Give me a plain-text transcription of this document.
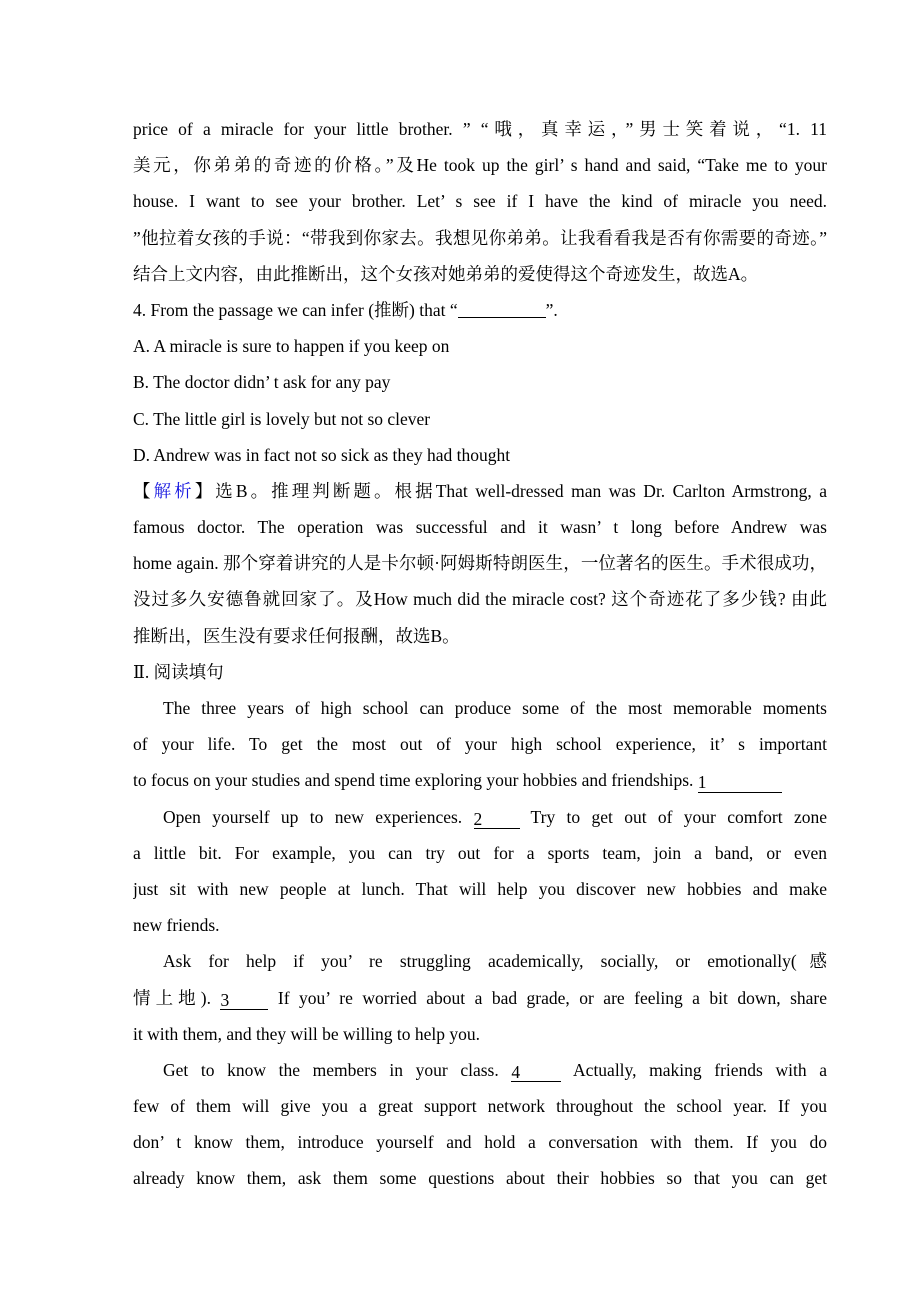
price of a miracle for your little brother. ” “哦，真幸运，”男士笑着说，“1. 11
美元，你弟弟的奇迹的价格。”及He took up the girl’ s hand and said, “Take me to your
house. I want to see your brother. Let’ s see if I have the kind of miracle you need.
”他拉着女孩的手说：“带我到你家去。我想见你弟弟。让我看看我是否有你需要的奇迹。”
结合上文内容，由此推断出，这个女孩对她弟弟的爱使得这个奇迹发生，故选A。
4. From the passage we can infer (推断) that “	”.
A. A miracle is sure to happen if you keep on
B. The doctor didn’ t ask for any pay
C. The little girl is lovely but not so clever
D. Andrew was in fact not so sick as they had thought
【解析】选B。推理判断题。根据That well-dressed man was Dr. Carlton Armstrong, a
famous doctor. The operation was successful and it wasn’ t long before Andrew was
home again. 那个穿着讲究的人是卡尔顿·阿姆斯特朗医生，一位著名的医生。手术很成功，
没过多久安德鲁就回家了。及How much did the miracle cost? 这个奇迹花了多少钱? 由此
推断出，医生没有要求任何报酬，故选B。
Ⅱ. 阅读填句
The three years of high school can produce some of the most memorable moments
of your life. To get the most out of your high school experience, it’ s important
to focus on your studies and spend time exploring your hobbies and friendships. 1
Open yourself up to new experiences. 2 Try to get out of your comfort zone
a little bit. For example, you can try out for a sports team, join a band, or even
just sit with new people at lunch. That will help you discover new hobbies and make
new friends.
Ask for help if you’ re struggling academically, socially, or emotionally(感
情上地). 3 If you’ re worried about a bad grade, or are feeling a bit down, share
it with them, and they will be willing to help you.
Get to know the members in your class. 4 Actually, making friends with a
few of them will give you a great support network throughout the school year. If you
don’ t know them, introduce yourself and hold a conversation with them. If you do
already know them, ask them some questions about their hobbies so that you can get
